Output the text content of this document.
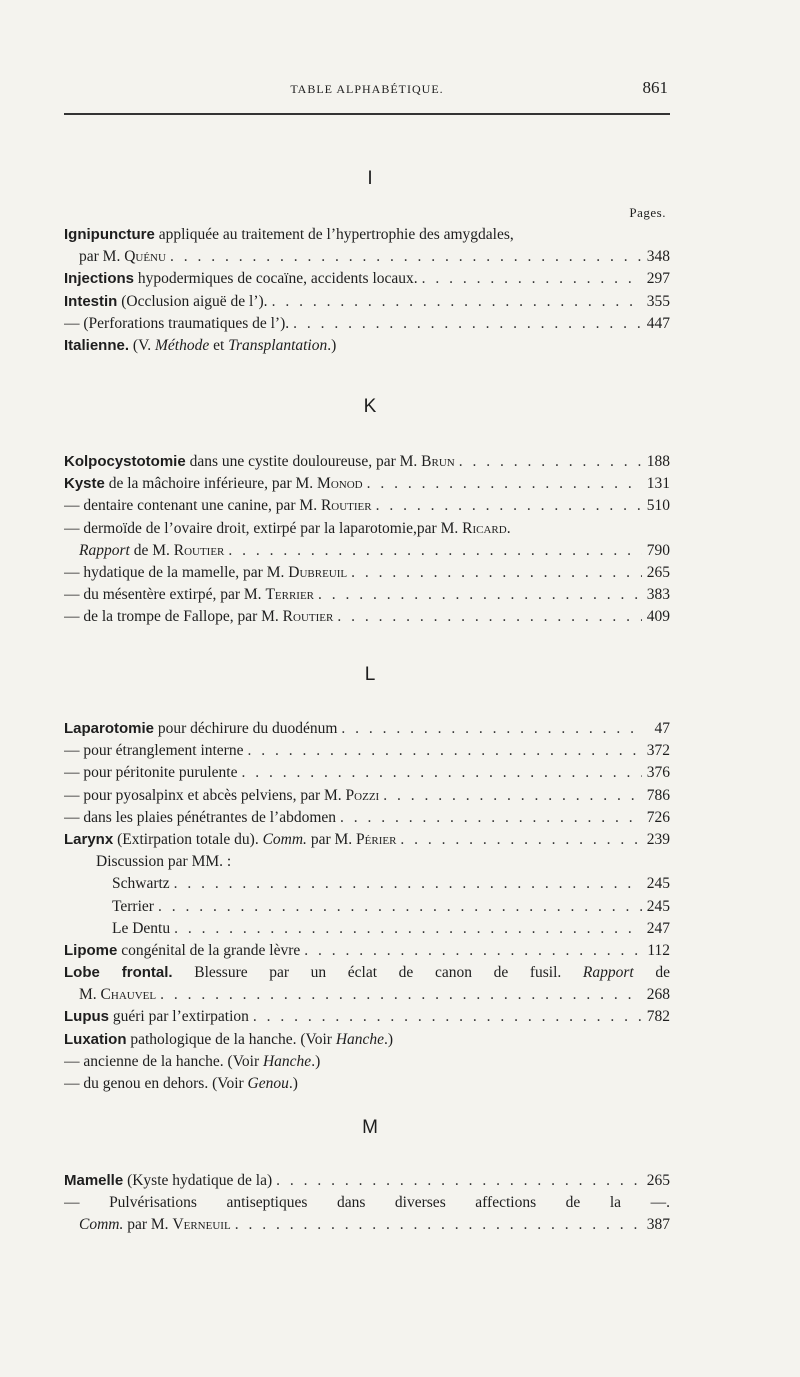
TABLE ALPHABÉTIQUE.	861
I
Pages.
Ignipuncture appliquée au traitement de l’hypertrophie des amygdales,
par M. Quénu . . .	348
Injections hypodermiques de cocaïne, accidents locaux. . . .	297
Intestin (Occlusion aiguë de l’). . . .	355
— (Perforations traumatiques de l’). . . .	447
Italienne. (V. Méthode et Transplantation.)
K
Kolpocystotomie dans une cystite douloureuse, par M. Brun . . .	188
Kyste de la mâchoire inférieure, par M. Monod . . .	131
— dentaire contenant une canine, par M. Routier . . .	510
— dermoïde de l’ovaire droit, extirpé par la laparotomie,par M. Ricard.
Rapport de M. Routier . . .	790
— hydatique de la mamelle, par M. Dubreuil . . .	265
— du mésentère extirpé, par M. Terrier . . .	383
— de la trompe de Fallope, par M. Routier . . .	409
L
Laparotomie pour déchirure du duodénum . . .	47
— pour étranglement interne . . .	372
— pour péritonite purulente . . .	376
— pour pyosalpinx et abcès pelviens, par M. Pozzi . . .	786
— dans les plaies pénétrantes de l’abdomen . . .	726
Larynx (Extirpation totale du). Comm. par M. Périer . . .	239
Discussion par MM. :
Schwartz . . .	245
Terrier . . .	245
Le Dentu . . .	247
Lipome congénital de la grande lèvre . . .	112
Lobe frontal. Blessure par un éclat de canon de fusil. Rapport de
M. Chauvel . . .	268
Lupus guéri par l’extirpation . . .	782
Luxation pathologique de la hanche. (Voir Hanche.)
— ancienne de la hanche. (Voir Hanche.)
— du genou en dehors. (Voir Genou.)
M
Mamelle (Kyste hydatique de la) . . .	265
— Pulvérisations antiseptiques dans diverses affections de la —.
Comm. par M. Verneuil . . .	387
